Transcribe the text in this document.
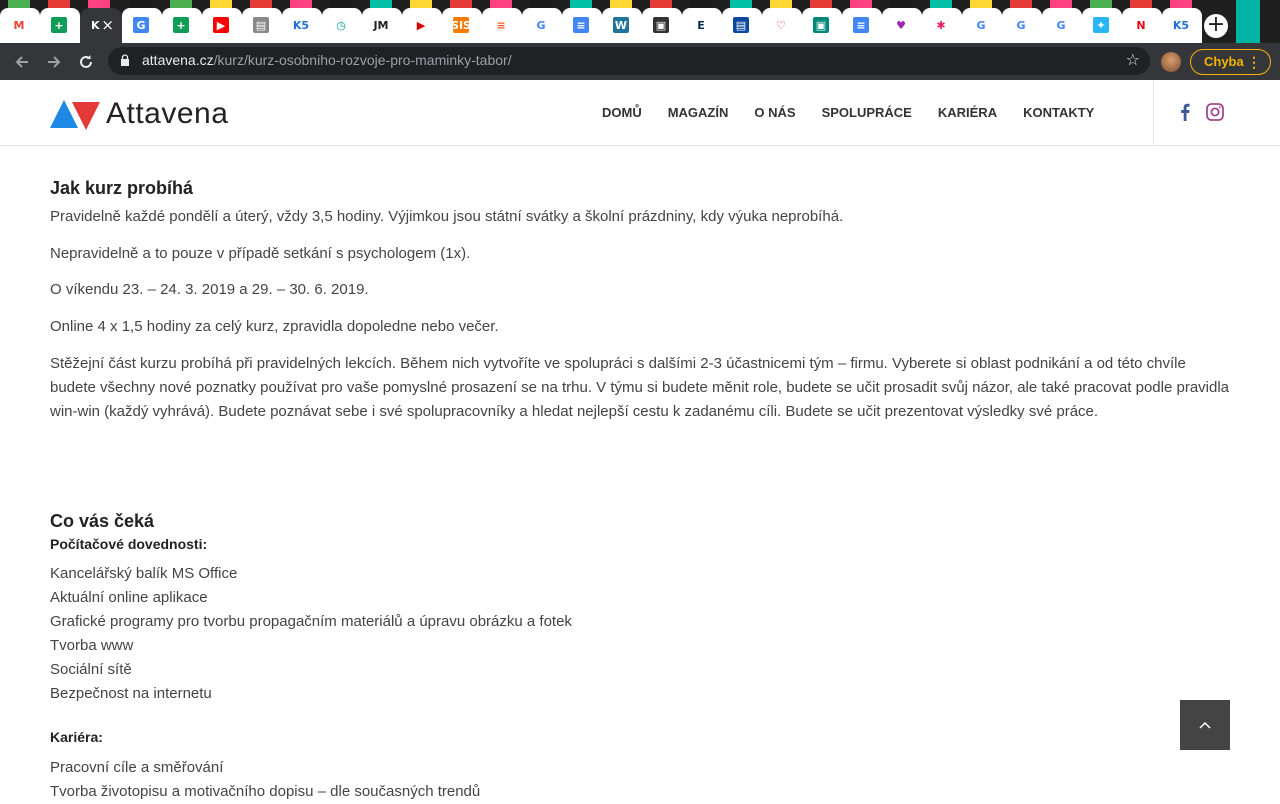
M	+	K ×	G	+	▶	▤ K5 ◷	JM	▶	SIS	≡	G	≡	W	▣	E	▤	♡	▣	≡	♥	✱	G	G	G	✦	N	K5 +
attavena.cz/kurz/kurz-osobniho-rozvoje-pro-maminky-tabor/	☆	Chyba ⋮
Attavena	DOMŮ	MAGAZÍN	O NÁS	SPOLUPRÁCE	KARIÉRA	KONTAKTY
Jak kurz probíhá
Pravidelně každé pondělí a úterý, vždy 3,5 hodiny. Výjimkou jsou státní svátky a školní prázdniny, kdy výuka neprobíhá.
Nepravidelně a to pouze v případě setkání s psychologem (1x).
O víkendu 23. – 24. 3. 2019 a 29. – 30. 6. 2019.
Online 4 x 1,5 hodiny za celý kurz, zpravidla dopoledne nebo večer.
Stěžejní část kurzu probíhá při pravidelných lekcích. Během nich vytvoříte ve spolupráci s dalšími 2-3 účastnicemi tým – firmu. Vyberete si oblast podnikání a od této chvíle budete všechny nové poznatky používat pro vaše pomyslné prosazení se na trhu. V týmu si budete měnit role, budete se učit prosadit svůj názor, ale také pracovat podle pravidla win-win (každý vyhrává). Budete poznávat sebe i své spolupracovníky a hledat nejlepší cestu k zadanému cíli. Budete se učit prezentovat výsledky své práce.
Co vás čeká
Počítačové dovednosti:
Kancelářský balík MS Office
Aktuální online aplikace
Grafické programy pro tvorbu propagačním materiálů a úpravu obrázku a fotek
Tvorba www
Sociální sítě
Bezpečnost na internetu
Kariéra:
Pracovní cíle a směřování
Tvorba životopisu a motivačního dopisu – dle současných trendů
